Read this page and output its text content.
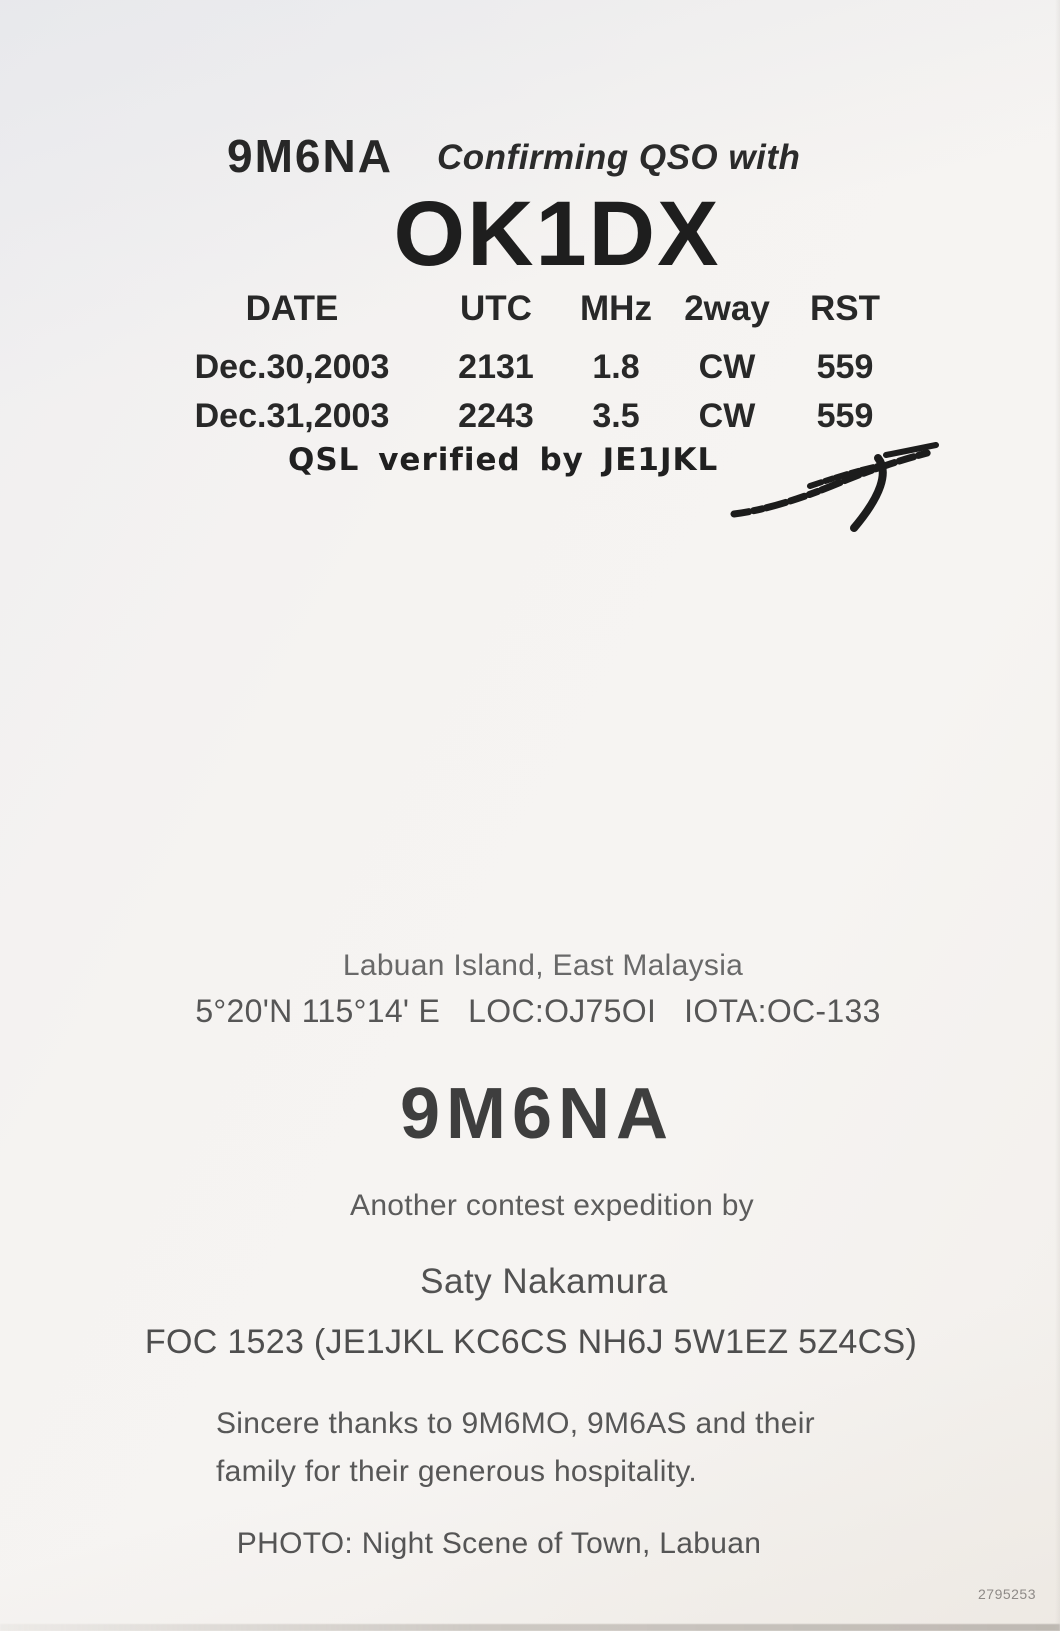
9M6NA Confirming QSO with
OK1DX
DATE	UTC MHz 2way RST
Dec.30,2003 2131 1.8 CW 559
Dec.31,2003 2243 3.5 CW 559
QSL verified by JE1JKL
Labuan Island, East Malaysia
5°20'N 115°14' E LOC:OJ75OI IOTA:OC-133
9M6NA
Another contest expedition by
Saty Nakamura
FOC 1523 (JE1JKL KC6CS NH6J 5W1EZ 5Z4CS)
Sincere thanks to 9M6MO, 9M6AS and their
family for their generous hospitality.
PHOTO: Night Scene of Town, Labuan
2795253
